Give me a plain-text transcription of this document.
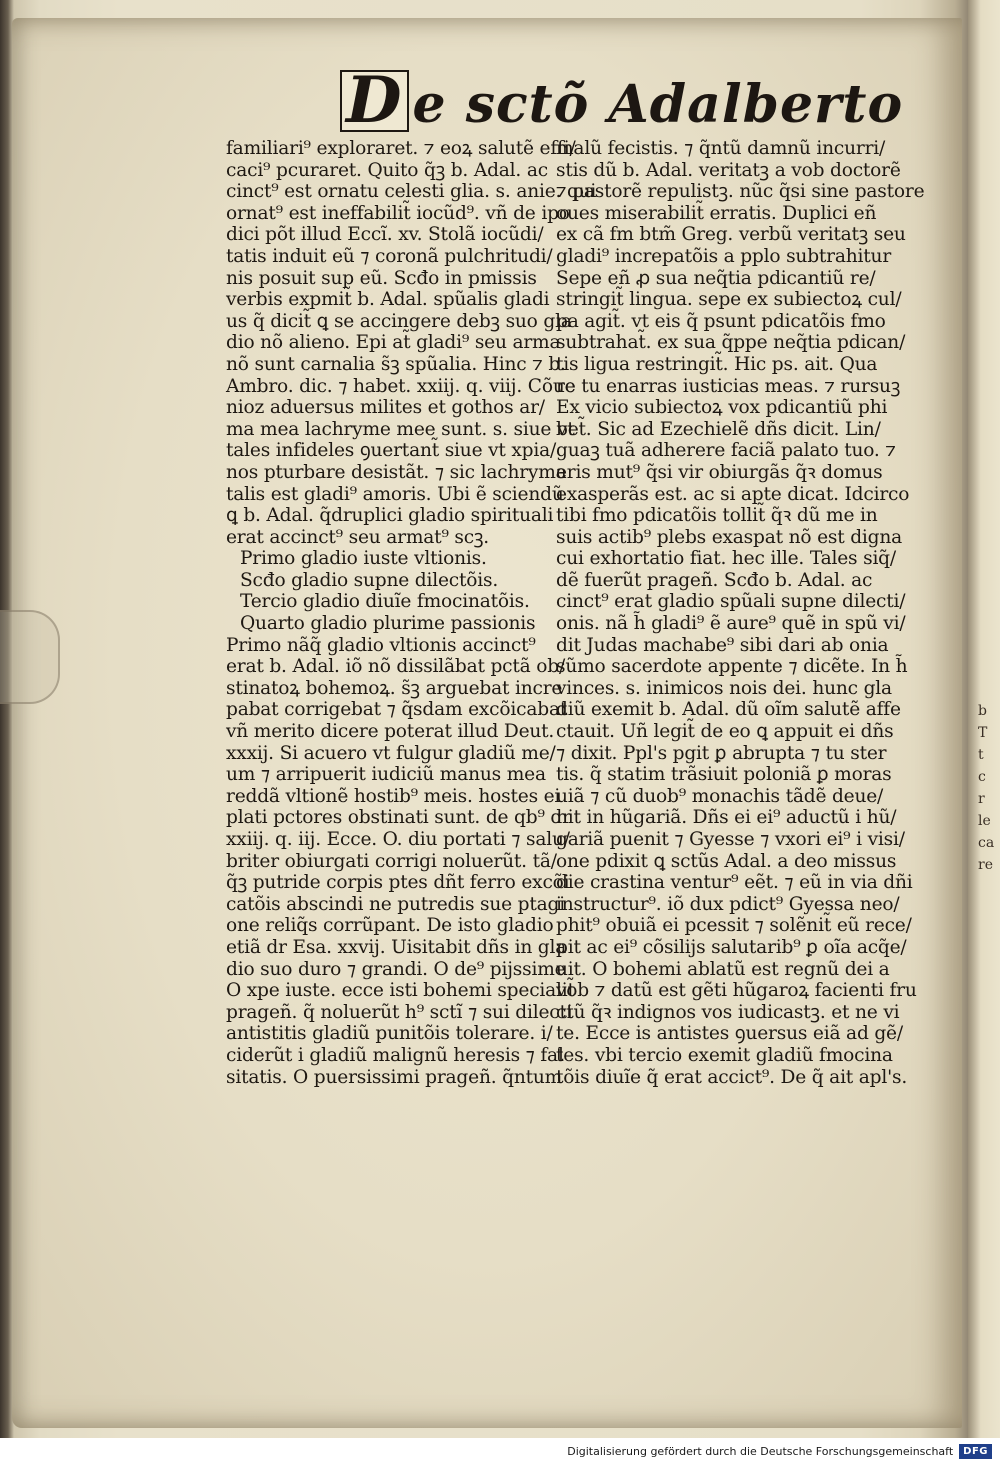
b
T
t
c
r
le
ca
re
D e sctõ Adalberto
familiari⁹ exploraret. ⁊ eoꝝ salutẽ effi/
caci⁹ pcuraret. Quito q̃ꝫ b. Adal. ac
cinct⁹ est ornatu celesti glia. s. anie. qui
ornat⁹ est ineffabilit̃ iocũd⁹. vñ de ipo
dici põt illud Eccĩ. xv. Stolã iocũdi/
tatis induit eũ ⁊ coronã pulchritudi/
nis posuit sup eũ. Scđo in pmissis
verbis expmit̃ b. Adal. spũalis gladi
us q̃ dicit̃ ꝗ se accingere debꝫ suo gla
dio nõ alieno. Epi at̃ gladi⁹ seu arma
nõ sunt carnalia s̃ꝫ spũalia. Hinc ⁊ b.
Ambro. dic. ⁊ habet. xxiij. q. viij. Cõue
nioz aduersus milites et gothos ar/
ma mea lachryme mee sunt. s. siue vt
tales infideles ꝯuertant̃ siue vt xpia/
nos pturbare desistãt. ⁊ sic lachryma
talis est gladi⁹ amoris. Ubi ẽ sciendũ
ꝗ b. Adal. q̃druplici gladio spirituali
erat accinct⁹ seu armat⁹ scꝫ.
Primo gladio iuste vltionis.
Scđo gladio supne dilectõis.
Tercio gladio diuĩe fmocinatõis.
Quarto gladio plurime passionis
Primo nãq̃ gladio vltionis accinct⁹
erat b. Adal. iõ nõ dissilãbat pctã ob/
stinatoꝝ bohemoꝝ. s̃ꝫ arguebat incre
pabat corrigebat ⁊ q̃sdam excõicabat
vñ merito dicere poterat illud Deut.
xxxij. Si acuero vt fulgur gladiũ me/
um ⁊ arripuerit iudiciũ manus mea
reddã vltionẽ hostib⁹ meis. hostes ei
plati pctores obstinati sunt. de qb⁹ dr
xxiij. q. iij. Ecce. O. diu portati ⁊ salu/
briter obiurgati corrigi noluerũt. tã/
q̃ꝫ putride corpis ptes dñt ferro excõi
catõis abscindi ne putredis sue ptagi
one reliq̃s corrũpant. De isto gladio
etiã dr Esa. xxvij. Uisitabit dñs in gla
dio suo duro ⁊ grandi. O de⁹ pijssime
O xpe iuste. ecce isti bohemi specialit̃
prageñ. q̃ noluerũt h⁹ sctĩ ⁊ sui dilecti
antistitis gladiũ punitõis tolerare. i/
ciderũt i gladiũ malignũ heresis ⁊ fal
sitatis. O puersissimi prageñ. q̃ntum
malũ fecistis. ⁊ q̃ntũ damnũ incurri/
stis dũ b. Adal. veritatꝫ a vob doctorẽ
⁊ pastorẽ repulistꝫ. nũc q̃si sine pastore
oues miserabilit̃ erratis. Duplici eñ
ex cã fm btm̃ Greg. verbũ veritatꝫ seu
gladi⁹ increpatõis a pplo subtrahitur
Sepe eñ ꝓ sua neq̃tia pdicantiũ re/
stringit̃ lingua. sepe ex subiectoꝝ cul/
pa agit̃. vt eis q̃ psunt pdicatõis fmo
subtrahat̃. ex sua q̃ppe neq̃tia pdican/
tis ligua restringit̃. Hic ps. ait. Qua
re tu enarras iusticias meas. ⁊ rursuꝫ
Ex vicio subiectoꝝ vox pdicantiũ phi
bet̃. Sic ad Ezechielẽ dñs dicit. Lin/
guaꝫ tuã adherere faciã palato tuo. ⁊
eris mut⁹ q̃si vir obiurgãs q̃ꝛ domus
exasperãs est. ac si apte dicat. Idcirco
tibi fmo pdicatõis tollit̃ q̃ꝛ dũ me in
suis actib⁹ plebs exaspat nõ est digna
cui exhortatio fiat. hec ille. Tales siq̃/
dẽ fuerũt prageñ. Scđo b. Adal. ac
cinct⁹ erat gladio spũali supne dilecti/
onis. nã h̃ gladi⁹ ẽ aure⁹ quẽ in spũ vi/
dit Judas machabe⁹ sibi dari ab onia
sũmo sacerdote appente ⁊ dicẽte. In h̃
vinces. s. inimicos nois dei. hunc gla
diũ exemit b. Adal. dũ oĩm salutẽ affe
ctauit. Uñ legit̃ de eo ꝗ appuit ei dñs
⁊ dixit. Ppl's pgit ꝑ abrupta ⁊ tu ster
tis. q̃ statim trãsiuit poloniã ꝑ moras
uiã ⁊ cũ duob⁹ monachis tãdẽ deue/
nit in hũgariã. Dñs ei ei⁹ aductũ i hũ/
gariã puenit ⁊ Gyesse ⁊ vxori ei⁹ i visi/
one pdixit ꝗ sctũs Adal. a deo missus
die crastina ventur⁹ eẽt. ⁊ eũ in via dñi
instructur⁹. iõ dux pdict⁹ Gyessa neo/
phit⁹ obuiã ei pcessit ⁊ solẽnit̃ eũ rece/
pit ac ei⁹ cõsilijs salutarib⁹ ꝑ oĩa acq̃e/
uit. O bohemi ablatũ est regnũ dei a
vob ⁊ datũ est gẽti hũgaroꝝ facienti fru
ctũ q̃ꝛ indignos vos iudicastꝫ. et ne vi
te. Ecce is antistes ꝯuersus eiã ad gẽ/
tes. vbi tercio exemit gladiũ fmocina
tõis diuĩe q̃ erat accict⁹. De q̃ ait apl's.
Digitalisierung gefördert durch die Deutsche Forschungsgemeinschaft	DFG
